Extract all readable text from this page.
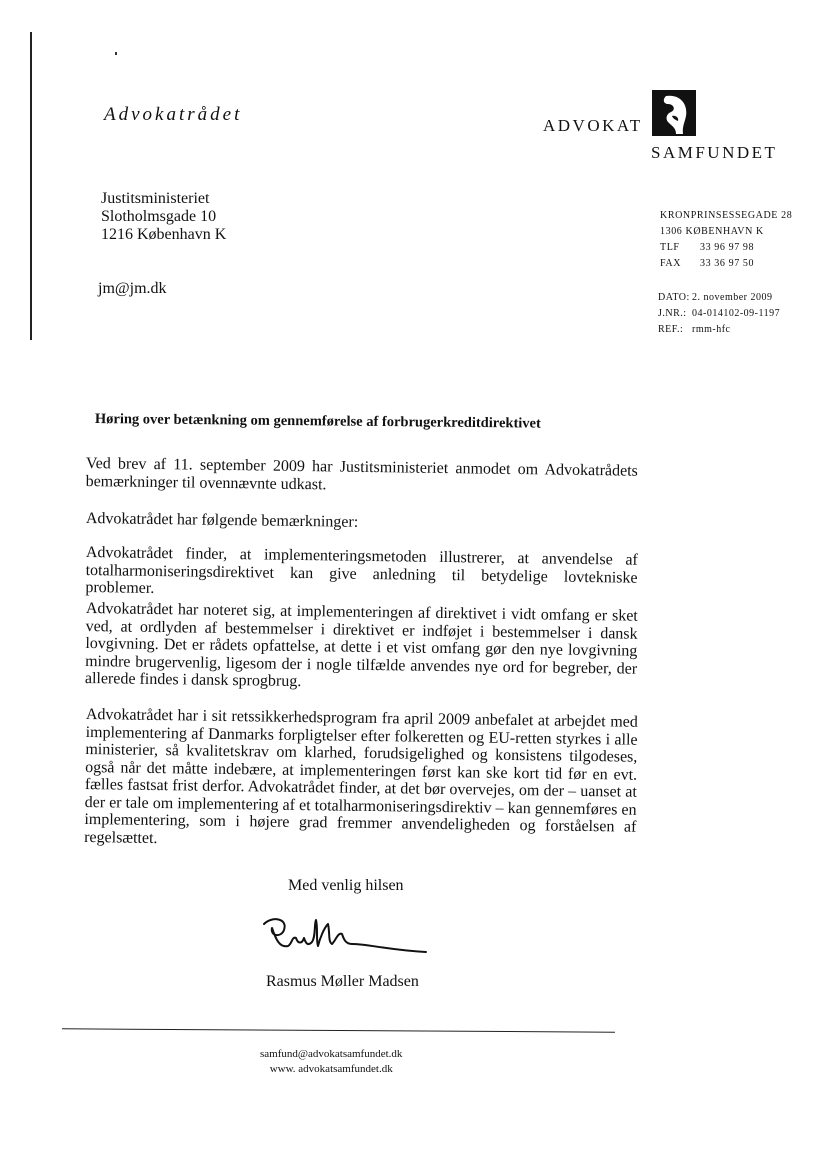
Advokatrådet
ADVOKAT
SAMFUNDET
Justitsministeriet
Slotholmsgade 10
1216 København K
jm@jm.dk
KRONPRINSESSEGADE 28
1306 KØBENHAVN K
TLF 33 96 97 98
FAX 33 36 97 50
DATO: 2. november 2009
J.NR.: 04-014102-09-1197
REF.: rmm-hfc
Høring over betænkning om gennemførelse af forbrugerkreditdirektivet
Ved brev af 11. september 2009 har Justitsministeriet anmodet om Advokatrådets bemærkninger til ovennævnte udkast.
Advokatrådet har følgende bemærkninger:
Advokatrådet finder, at implementeringsmetoden illustrerer, at anvendelse af totalharmoniseringsdirektivet kan give anledning til betydelige lovtekniske problemer.
Advokatrådet har noteret sig, at implementeringen af direktivet i vidt omfang er sket ved, at ordlyden af bestemmelser i direktivet er indføjet i bestemmelser i dansk lovgivning. Det er rådets opfattelse, at dette i et vist omfang gør den nye lovgivning mindre brugervenlig, ligesom der i nogle tilfælde anvendes nye ord for begreber, der allerede findes i dansk sprogbrug.
Advokatrådet har i sit retssikkerhedsprogram fra april 2009 anbefalet at arbejdet med implementering af Danmarks forpligtelser efter folkeretten og EU-retten styrkes i alle ministerier, så kvalitetskrav om klarhed, forudsigelighed og konsistens tilgodeses, også når det måtte indebære, at implementeringen først kan ske kort tid før en evt. fælles fastsat frist derfor. Advokatrådet finder, at det bør overvejes, om der – uanset at der er tale om implementering af et totalharmoniseringsdirektiv – kan gennemføres en implementering, som i højere grad fremmer anvendeligheden og forståelsen af regelsættet.
Med venlig hilsen
Rasmus Møller Madsen
samfund@advokatsamfundet.dk
www. advokatsamfundet.dk
